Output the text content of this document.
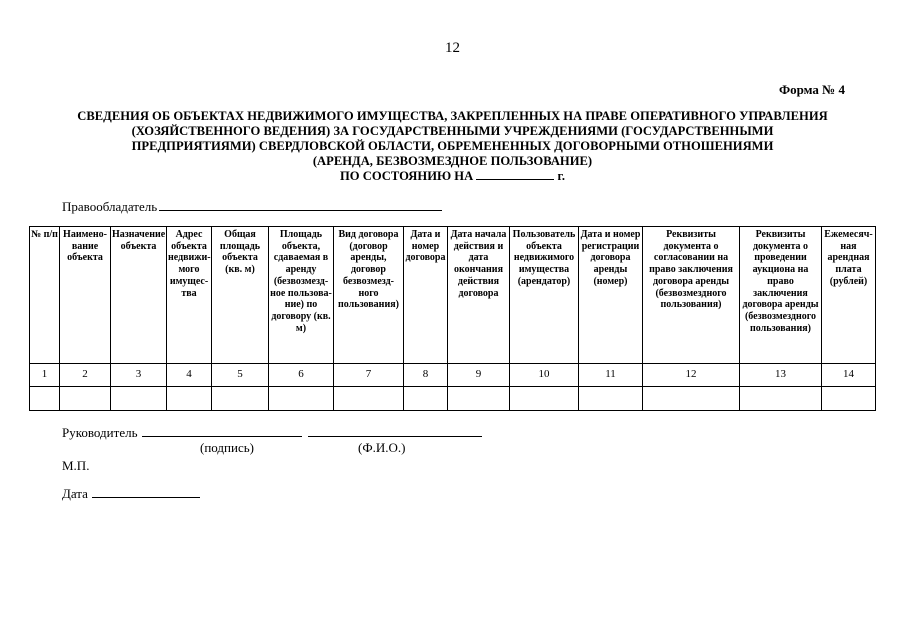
12
Форма № 4
СВЕДЕНИЯ ОБ ОБЪЕКТАХ НЕДВИЖИМОГО ИМУЩЕСТВА, ЗАКРЕПЛЕННЫХ НА ПРАВЕ ОПЕРАТИВНОГО УПРАВЛЕНИЯ
(ХОЗЯЙСТВЕННОГО ВЕДЕНИЯ) ЗА ГОСУДАРСТВЕННЫМИ УЧРЕЖДЕНИЯМИ (ГОСУДАРСТВЕННЫМИ
ПРЕДПРИЯТИЯМИ) СВЕРДЛОВСКОЙ ОБЛАСТИ, ОБРЕМЕНЕННЫХ ДОГОВОРНЫМИ ОТНОШЕНИЯМИ
(АРЕНДА, БЕЗВОЗМЕЗДНОЕ ПОЛЬЗОВАНИЕ)
ПО СОСТОЯНИЮ НА	г.
Правообладатель
№ п/п	Наимено- вание объекта	Назначение объекта	Адрес объекта недвижи- мого имущес- тва	Общая площадь объекта (кв. м)	Площадь объекта, сдаваемая в аренду (безвозмезд- ное пользова- ние) по договору (кв. м)	Вид договора (договор аренды, договор безвозмезд- ного пользования)	Дата и номер договора	Дата начала действия и дата окончания действия договора	Пользователь объекта недвижимого имущества (арендатор)	Дата и номер регистрации договора аренды (номер)	Реквизиты документа о согласовании на право заключения договора аренды (безвозмездного пользования)	Реквизиты документа о проведении аукциона на право заключения договора аренды (безвозмездного пользования)	Ежемесяч- ная арендная плата (рублей)
1	2	3	4	5	6	7	8	9	10	11	12	13	14

Руководитель
(подпись)	(Ф.И.О.)
М.П.
Дата
